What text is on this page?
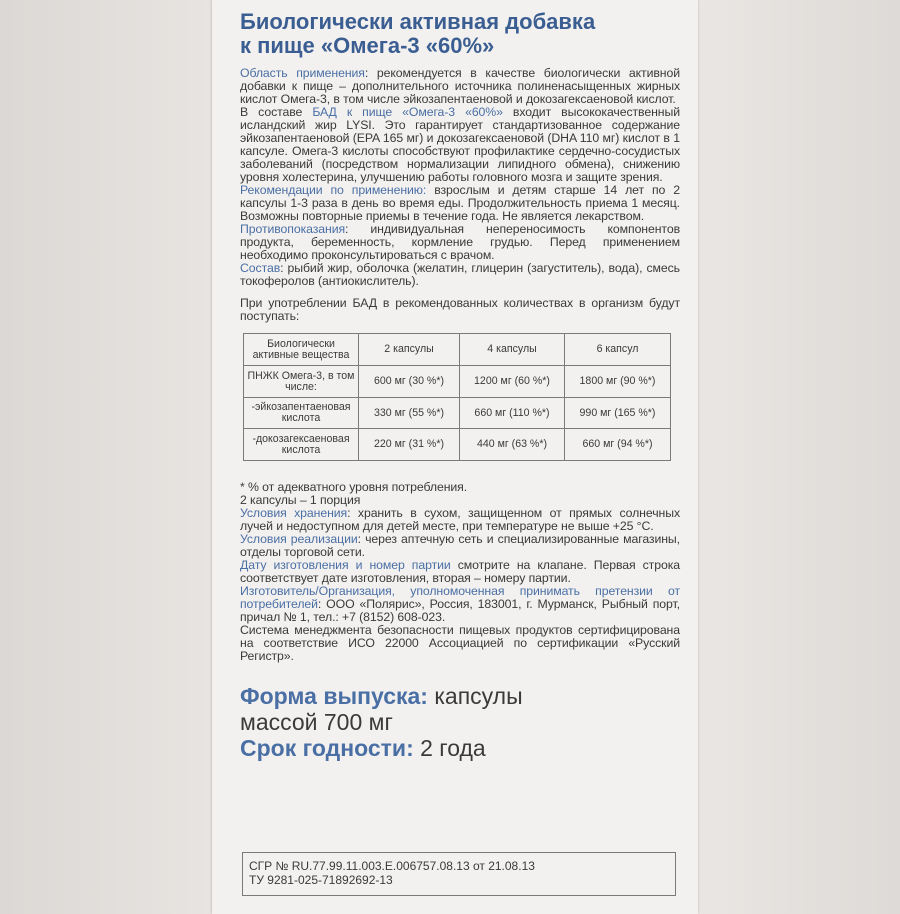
Биологически активная добавка
к пище «Омега-3 «60%»

Область применения: рекомендуется в качестве биологически активной добавки к пище – дополнительного источника полиненасыщенных жирных кислот Омега-3, в том числе эйкозапентаеновой и докозагексаеновой кислот.

В составе БАД к пище «Омега-3 «60%» входит высококачественный исландский жир LYSI. Это гарантирует стандартизованное содержание эйкозапентаеновой (EPA 165 мг) и докозагексаеновой (DHA 110 мг) кислот в 1 капсуле. Омега-3 кислоты способствуют профилактике сердечно-сосудистых заболеваний (посредством нормализации липидного обмена), снижению уровня холестерина, улучшению работы головного мозга и защите зрения.

Рекомендации по применению: взрослым и детям старше 14 лет по 2 капсулы 1-3 раза в день во время еды. Продолжительность приема 1 месяц. Возможны повторные приемы в течение года. Не является лекарством.

Противопоказания: индивидуальная непереносимость компонентов продукта, беременность, кормление грудью. Перед применением необходимо проконсультироваться с врачом.

Состав: рыбий жир, оболочка (желатин, глицерин (загуститель), вода), смесь токоферолов (антиокислитель).

При употреблении БАД в рекомендованных количествах в организм будут поступать:

Биологически активные вещества	2 капсулы	4 капсулы	6 капсул
ПНЖК Омега-3, в том числе:	600 мг (30 %*)	1200 мг (60 %*)	1800 мг (90 %*)
-эйкозапентаеновая кислота	330 мг (55 %*)	660 мг (110 %*)	990 мг (165 %*)
-докозагексаеновая кислота	220 мг (31 %*)	440 мг (63 %*)	660 мг (94 %*)

* % от адекватного уровня потребления.

2 капсулы – 1 порция

Условия хранения: хранить в сухом, защищенном от прямых солнечных лучей и недоступном для детей месте, при температуре не выше +25 °С.

Условия реализации: через аптечную сеть и специализированные магазины, отделы торговой сети.

Дату изготовления и номер партии смотрите на клапане. Первая строка соответствует дате изготовления, вторая – номеру партии.

Изготовитель/Организация, уполномоченная принимать претензии от потребителей: ООО «Полярис», Россия, 183001, г. Мурманск, Рыбный порт, причал № 1, тел.: +7 (8152) 608-023.

Система менеджмента безопасности пищевых продуктов сертифицирована на соответствие ИСО 22000 Ассоциацией по сертификации «Русский Регистр».

Форма выпуска: капсулы

массой 700 мг

Срок годности: 2 года

СГР № RU.77.99.11.003.Е.006757.08.13 от 21.08.13
ТУ 9281-025-71892692-13
